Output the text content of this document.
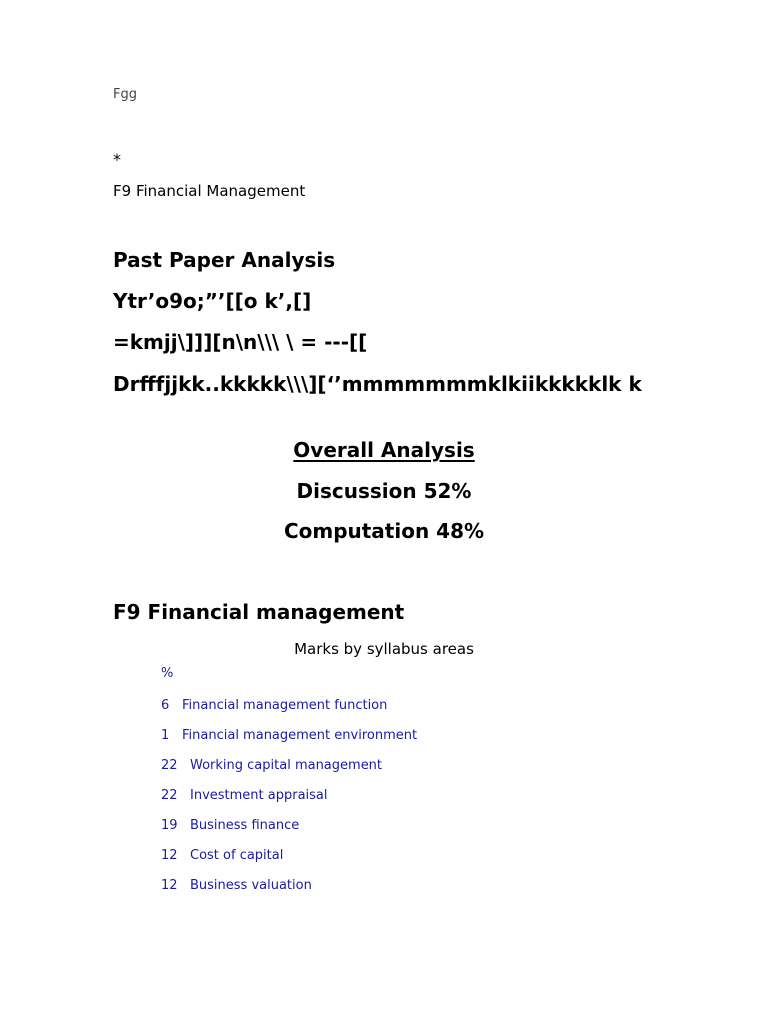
Fgg
*
F9 Financial Management
Past Paper Analysis
Ytr’o9o;”’[[o k’,[]
=kmjj\]]][n\n\\\ \ = ---[[
Drfffjjkk..kkkkk\\\][‘’mmmmmmmklkiikkkkklk k
Overall Analysis
Discussion 52%
Computation 48%
F9 Financial management
Marks by syllabus areas
%
6 Financial management function
1 Financial management environment
22 Working capital management
22 Investment appraisal
19 Business finance
12 Cost of capital
12 Business valuation
